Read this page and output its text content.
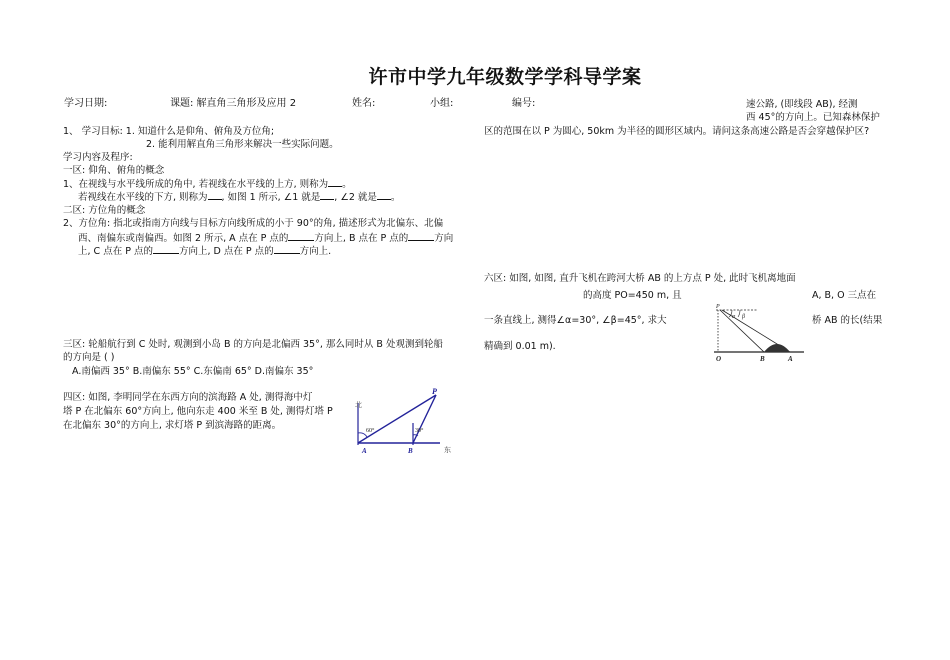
许市中学九年级数学学科导学案
学习日期:	课题: 解直角三角形及应用 2	姓名:	小组:	编号:
1、 学习目标: 1. 知道什么是仰角、俯角及方位角;
2. 能利用解直角三角形来解决一些实际问题。
学习内容及程序:
一区: 仰角、俯角的概念
1、在视线与水平线所成的角中, 若视线在水平线的上方, 则称为 。
若视线在水平线的下方, 则称为 , 如图 1 所示, ∠1 就是 , ∠2 就是 。
二区: 方位角的概念
2、方位角: 指北或指南方向线与目标方向线所成的小于 90°的角, 描述形式为北偏东、北偏
西、南偏东或南偏西。如图 2 所示, A 点在 P 点的	方向上, B 点在 P 点的	方向
上, C 点在 P 点的	方向上, D 点在 P 点的	方向上.
三区: 轮船航行到 C 处时, 观测到小岛 B 的方向是北偏西 35°, 那么同时从 B 处观测到轮船
的方向是 ( )
A.南偏西 35° B.南偏东 55° C.东偏南 65° D.南偏东 35°
四区: 如图, 李明同学在东西方向的滨海路 A 处, 测得海中灯
塔 P 在北偏东 60°方向上, 他向东走 400 米至 B 处, 测得灯塔 P
在北偏东 30°的方向上, 求灯塔 P 到滨海路的距离。
北
60°	30°
P
A	B	东
速公路, (即线段 AB), 经测
西 45°的方向上。已知森林保护
区的范围在以 P 为圆心, 50km 为半径的圆形区域内。请问这条高速公路是否会穿越保护区?
六区: 如图, 如图, 直升飞机在跨河大桥 AB 的上方点 P 处, 此时飞机离地面
的高度 PO=450 m, 且	A, B, O 三点在
一条直线上, 测得∠α=30°, ∠β=45°, 求大	桥 AB 的长(结果
精确到 0.01 m).
P
α β
O	B	A
